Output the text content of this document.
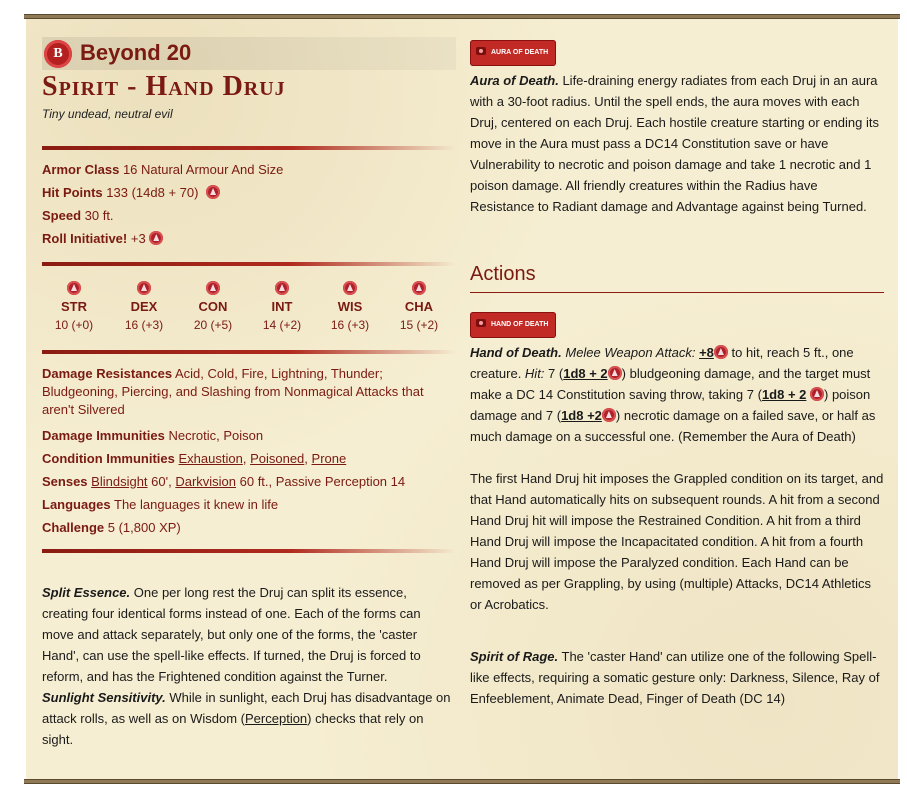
B Beyond 20
Spirit - Hand Druj
Tiny undead, neutral evil
Armor Class 16 Natural Armour And Size
Hit Points 133 (14d8 + 70)
Speed 30 ft.
Roll Initiative! +3
STR
10 (+0)
DEX
16 (+3)
CON
20 (+5)
INT
14 (+2)
WIS
16 (+3)
CHA
15 (+2)
Damage Resistances Acid, Cold, Fire, Lightning, Thunder; Bludgeoning, Piercing, and Slashing from Nonmagical Attacks that aren't Silvered
Damage Immunities Necrotic, Poison
Condition Immunities Exhaustion, Poisoned, Prone
Senses Blindsight 60', Darkvision 60 ft., Passive Perception 14
Languages The languages it knew in life
Challenge 5 (1,800 XP)
Split Essence. One per long rest the Druj can split its essence, creating four identical forms instead of one. Each of the forms can move and attack separately, but only one of the forms, the 'caster Hand', can use the spell-like effects. If turned, the Druj is forced to reform, and has the Frightened condition against the Turner.
Sunlight Sensitivity. While in sunlight, each Druj has disadvantage on attack rolls, as well as on Wisdom (Perception) checks that rely on sight.
AURA OF DEATH
Aura of Death. Life-draining energy radiates from each Druj in an aura with a 30-foot radius. Until the spell ends, the aura moves with each Druj, centered on each Druj. Each hostile creature starting or ending its move in the Aura must pass a DC14 Constitution save or have Vulnerability to necrotic and poison damage and take 1 necrotic and 1 poison damage. All friendly creatures within the Radius have Resistance to Radiant damage and Advantage against being Turned.
Actions
HAND OF DEATH
Hand of Death. Melee Weapon Attack: +8 to hit, reach 5 ft., one creature. Hit: 7 (1d8 + 2 ) bludgeoning damage, and the target must make a DC 14 Constitution saving throw, taking 7 (1d8 + 2 ) poison damage and 7 (1d8 +2 ) necrotic damage on a failed save, or half as much damage on a successful one. (Remember the Aura of Death)
The first Hand Druj hit imposes the Grappled condition on its target, and that Hand automatically hits on subsequent rounds. A hit from a second Hand Druj hit will impose the Restrained Condition. A hit from a third Hand Druj will impose the Incapacitated condition. A hit from a fourth Hand Druj will impose the Paralyzed condition. Each Hand can be removed as per Grappling, by using (multiple) Attacks, DC14 Athletics or Acrobatics.
Spirit of Rage. The 'caster Hand' can utilize one of the following Spell-like effects, requiring a somatic gesture only: Darkness, Silence, Ray of Enfeeblement, Animate Dead, Finger of Death (DC 14)
